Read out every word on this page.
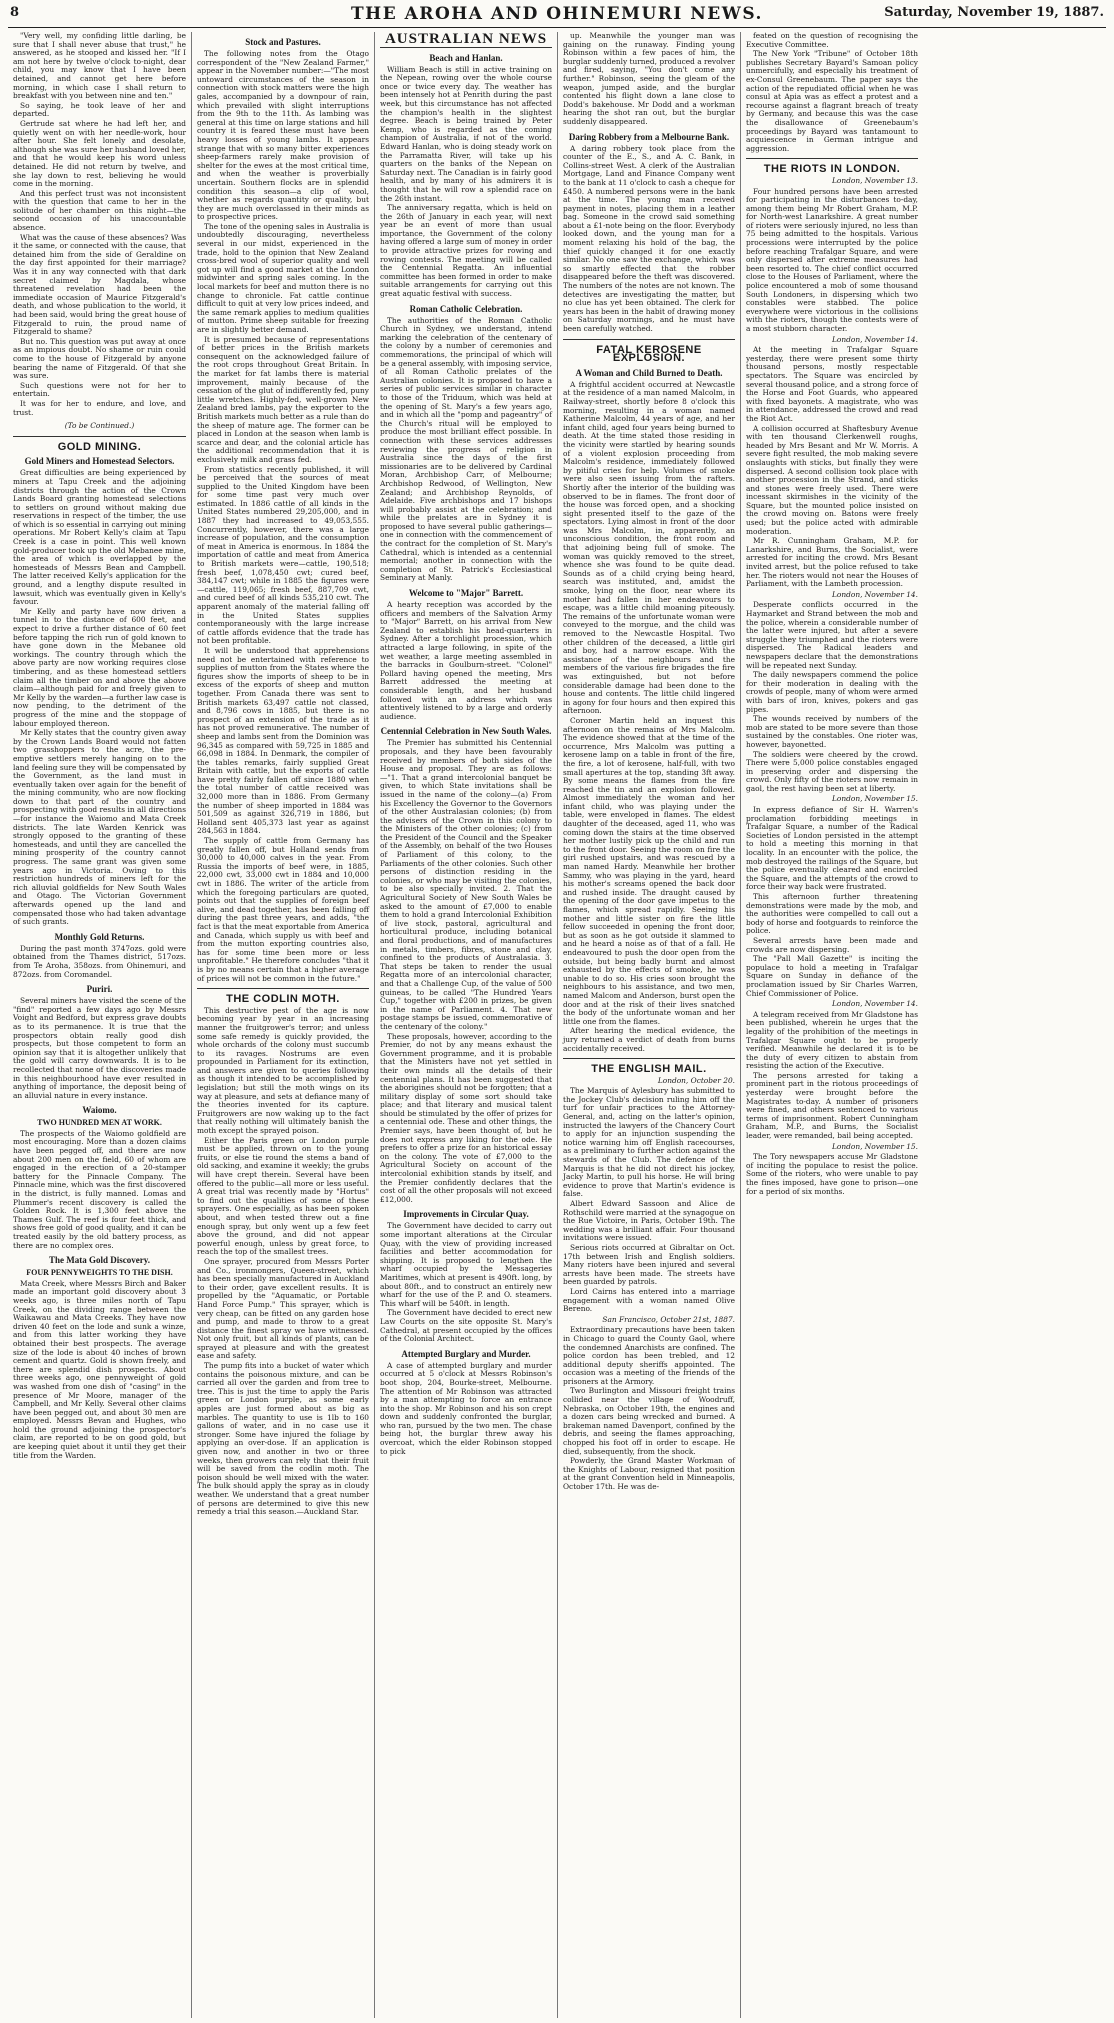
8	THE AROHA AND OHINEMURI NEWS.	Saturday, November 19, 1887.

"Very well, my confiding little darling, be sure that I shall never abuse that trust," he answered, as he stooped and kissed her. "If I am not here by twelve o'clock to-night, dear child, you may know that I have been detained, and cannot get here before morning, in which case I shall return to breakfast with you between nine and ten."

So saying, he took leave of her and departed.

Gertrude sat where he had left her, and quietly went on with her needle-work, hour after hour. She felt lonely and desolate, although she was sure her husband loved her, and that he would keep his word unless detained. He did not return by twelve, and she lay down to rest, believing he would come in the morning.

And this perfect trust was not inconsistent with the question that came to her in the solitude of her chamber on this night—the second occasion of his unaccountable absence.

What was the cause of these absences? Was it the same, or connected with the cause, that detained him from the side of Geraldine on the day first appointed for their marriage? Was it in any way connected with that dark secret claimed by Magdala, whose threatened revelation had been the immediate occasion of Maurice Fitzgerald's death, and whose publication to the world, it had been said, would bring the great house of Fitzgerald to ruin, the proud name of Fitzgerald to shame?

But no. This question was put away at once as an impious doubt. No shame or ruin could come to the house of Fitzgerald by anyone bearing the name of Fitzgerald. Of that she was sure.

Such questions were not for her to entertain.

It was for her to endure, and love, and trust.

(To be Continued.)
GOLD MINING.
Gold Miners and Homestead Selectors.

Great difficulties are being experienced by miners at Tapu Creek and the adjoining districts through the action of the Crown Lands Board granting homestead selections to settlers on ground without making due reservations in respect of the timber, the use of which is so essential in carrying out mining operations. Mr Robert Kelly's claim at Tapu Creek is a case in point. This well known gold-producer took up the old Mebanee mine, the area of which is overlapped by the homesteads of Messrs Bean and Campbell. The latter received Kelly's application for the ground, and a lengthy dispute resulted in lawsuit, which was eventually given in Kelly's favour.

Mr Kelly and party have now driven a tunnel in to the distance of 600 feet, and expect to drive a further distance of 60 feet before tapping the rich run of gold known to have gone down in the Mebanee old workings. The country through which the above party are now working requires close timbering, and as these homestead settlers claim all the timber on and above the above claim—although paid for and freely given to Mr Kelly by the warden—a further law case is now pending, to the detriment of the progress of the mine and the stoppage of labour employed thereon.

Mr Kelly states that the country given away by the Crown Lands Board would not fatten two grasshoppers to the acre, the pre-emptive settlers merely hanging on to the land feeling sure they will be compensated by the Government, as the land must in eventually taken over again for the benefit of the mining community, who are now flocking down to that part of the country and prospecting with good results in all directions—for instance the Waiomo and Mata Creek districts. The late Warden Kenrick was strongly opposed to the granting of these homesteads, and until they are cancelled the mining prosperity of the country cannot progress. The same grant was given some years ago in Victoria. Owing to this restriction hundreds of miners left for the rich alluvial goldfields for New South Wales and Otago. The Victorian Government afterwards opened up the land and compensated those who had taken advantage of such grants.

Monthly Gold Returns.

During the past month 3747ozs. gold were obtained from the Thames district, 517ozs. from Te Aroha, 358ozs. from Ohinemuri, and 872ozs. from Coromandel.

Puriri.

Several miners have visited the scene of the "find" reported a few days ago by Messrs Voight and Bedford, but express grave doubts as to its permanence. It is true that the prospectors obtain really good dish prospects, but those competent to form an opinion say that it is altogether unlikely that the gold will carry downwards. It is to be recollected that none of the discoveries made in this neighbourhood have ever resulted in anything of importance, the deposit being of an alluvial nature in every instance.

Waiomo.
TWO HUNDRED MEN AT WORK.

The prospects of the Waiomo goldfield are most encouraging. More than a dozen claims have been pegged off, and there are now about 200 men on the field, 60 of whom are engaged in the erection of a 20-stamper battery for the Pinnacle Company. The Pinnacle mine, which was the first discovered in the district, is fully manned. Lomas and Plummer's recent discovery is called the Golden Rock. It is 1,300 feet above the Thames Gulf. The reef is four feet thick, and shows free gold of good quality, and it can be treated easily by the old battery process, as there are no complex ores.

The Mata Gold Discovery.
FOUR PENNYWEIGHTS TO THE DISH.

Mata Creek, where Messrs Birch and Baker made an important gold discovery about 3 weeks ago, is three miles north of Tapu Creek, on the dividing range between the Waikawau and Mata Creeks. They have now driven 40 feet on the lode and sunk a winze, and from this latter working they have obtained their best prospects. The average size of the lode is about 40 inches of brown cement and quartz. Gold is shown freely, and there are splendid dish prospects. About three weeks ago, one pennyweight of gold was washed from one dish of "casing" in the presence of Mr Moore, manager of the Campbell, and Mr Kelly. Several other claims have been pegged out, and about 30 men are employed. Messrs Bevan and Hughes, who hold the ground adjoining the prospector's claim, are reported to be on good gold, but are keeping quiet about it until they get their title from the Warden.

Stock and Pastures.

The following notes from the Otago correspondent of the "New Zealand Farmer," appear in the November number:—"The most untoward circumstances of the season in connection with stock matters were the high gales, accompanied by a downpour of rain, which prevailed with slight interruptions from the 9th to the 11th. As lambing was general at this time on large stations and hill country it is feared these must have been heavy losses of young lambs. It appears strange that with so many bitter experiences sheep-farmers rarely make provision of shelter for the ewes at the most critical time, and when the weather is proverbially uncertain. Southern flocks are in splendid condition this season—a clip of wool, whether as regards quantity or quality, but they are much overclassed in their minds as to prospective prices.

The tone of the opening sales in Australia is undoubtedly discouraging, nevertheless several in our midst, experienced in the trade, hold to the opinion that New Zealand cross-bred wool of superior quality and well got up will find a good market at the London midwinter and spring sales coming. In the local markets for beef and mutton there is no change to chronicle. Fat cattle continue difficult to quit at very low prices indeed, and the same remark applies to medium qualities of mutton. Prime sheep suitable for freezing are in slightly better demand.

It is presumed because of representations of better prices in the British markets consequent on the acknowledged failure of the root crops throughout Great Britain. In the market for fat lambs there is material improvement, mainly because of the cessation of the glut of indifferently fed, puny little wretches. Highly-fed, well-grown New Zealand bred lambs, pay the exporter to the British markets much better as a rule than do the sheep of mature age. The former can be placed in London at the season when lamb is scarce and dear, and the colonial article has the additional recommendation that it is exclusively milk and grass fed.

From statistics recently published, it will be perceived that the sources of meat supplied to the United Kingdom have been for some time past very much over estimated. In 1886 cattle of all kinds in the United States numbered 29,205,000, and in 1887 they had increased to 49,053,555. Concurrently, however, there was a large increase of population, and the consumption of meat in America is enormous. In 1884 the importation of cattle and meat from America to British markets were—cattle, 190,518; fresh beef, 1,078,450 cwt; cured beef, 384,147 cwt; while in 1885 the figures were—cattle, 119,065; fresh beef, 887,709 cwt, and cured beef of all kinds 535,210 cwt. The apparent anomaly of the material falling off in the United States supplies contemporaneously with the large increase of cattle affords evidence that the trade has not been profitable.

It will be understood that apprehensions need not be entertained with reference to supplies of mutton from the States where the figures show the imports of sheep to be in excess of the exports of sheep and mutton together. From Canada there was sent to British markets 63,497 cattle not classed, and 8,796 cows in 1885, but there is no prospect of an extension of the trade as it has not proved remunerative. The number of sheep and lambs sent from the Dominion was 96,345 as compared with 59,725 in 1885 and 66,098 in 1884. In Denmark, the compiler of the tables remarks, fairly supplied Great Britain with cattle, but the exports of cattle have pretty fairly fallen off since 1880 when the total number of cattle received was 32,000 more than in 1886. From Germany the number of sheep imported in 1884 was 501,509 as against 326,719 in 1886, but Holland sent 405,373 last year as against 284,563 in 1884.

The supply of cattle from Germany has greatly fallen off, but Holland sends from 30,000 to 40,000 calves in the year. From Russia the imports of beef were, in 1885, 22,000 cwt, 33,000 cwt in 1884 and 10,000 cwt in 1886. The writer of the article from which the foregoing particulars are quoted, points out that the supplies of foreign beef alive, and dead together, has been falling off during the past three years, and adds, "the fact is that the meat exportable from America and Canada, which supply us with beef and from the mutton exporting countries also, has for some time been more or less unprofitable." He therefore concludes "that it is by no means certain that a higher average of prices will not be common in the future."

THE CODLIN MOTH.

This destructive pest of the age is now becoming year by year in an increasing manner the fruitgrower's terror; and unless some safe remedy is quickly provided, the whole orchards of the colony must succumb to its ravages. Nostrums are even propounded in Parliament for its extinction, and answers are given to queries following as though it intended to be accomplished by legislation; but still the moth wings on its way at pleasure, and sets at defiance many of the theories invented for its capture. Fruitgrowers are now waking up to the fact that really nothing will ultimately banish the moth except the sprayed poison.

Either the Paris green or London purple must be applied, thrown on to the young fruits, or else tie round the stems a band of old sacking, and examine it weekly; the grubs will have crept therein. Several have been offered to the public—all more or less useful. A great trial was recently made by "Hortus" to find out the qualities of some of these sprayers. One especially, as has been spoken about, and when tested threw out a fine enough spray, but only went up a few feet above the ground, and did not appear powerful enough, unless by great force, to reach the top of the smallest trees.

One sprayer, procured from Messrs Porter and Co., ironmongers, Queen-street, which has been specially manufactured in Auckland to their order, gave excellent results. It is propelled by the "Aquamatic, or Portable Hand Force Pump." This sprayer, which is very cheap, can be fitted on any garden hose and pump, and made to throw to a great distance the finest spray we have witnessed. Not only fruit, but all kinds of plants, can be sprayed at pleasure and with the greatest ease and safety.

The pump fits into a bucket of water which contains the poisonous mixture, and can be carried all over the garden and from tree to tree. This is just the time to apply the Paris green or London purple, as some early apples are just formed about as big as marbles. The quantity to use is 1lb to 160 gallons of water, and in no case use it stronger. Some have injured the foliage by applying an over-dose. If an application is given now, and another in two or three weeks, then growers can rely that their fruit will be saved from the codlin moth. The poison should be well mixed with the water. The bulk should apply the spray as in cloudy weather. We understand that a great number of persons are determined to give this new remedy a trial this season.—Auckland Star.

AUSTRALIAN NEWS
Beach and Hanlan.

William Beach is still in active training on the Nepean, rowing over the whole course once or twice every day. The weather has been intensely hot at Penrith during the past week, but this circumstance has not affected the champion's health in the slightest degree. Beach is being trained by Peter Kemp, who is regarded as the coming champion of Australia, if not of the world. Edward Hanlan, who is doing steady work on the Parramatta River, will take up his quarters on the banks of the Nepean on Saturday next. The Canadian is in fairly good health, and by many of his admirers it is thought that he will row a splendid race on the 26th instant.

The anniversary regatta, which is held on the 26th of January in each year, will next year be an event of more than usual importance, the Government of the colony having offered a large sum of money in order to provide attractive prizes for rowing and rowing contests. The meeting will be called the Centennial Regatta. An influential committee has been formed in order to make suitable arrangements for carrying out this great aquatic festival with success.

Roman Catholic Celebration.

The authorities of the Roman Catholic Church in Sydney, we understand, intend marking the celebration of the centenary of the colony by a number of ceremonies and commemorations, the principal of which will be a general assembly, with imposing service, of all Roman Catholic prelates of the Australian colonies. It is proposed to have a series of public services similar in character to those of the Triduum, which was held at the opening of St. Mary's a few years ago, and in which all the "pomp and pageantry" of the Church's ritual will be employed to produce the most brilliant effect possible. In connection with these services addresses reviewing the progress of religion in Australia since the days of the first missionaries are to be delivered by Cardinal Moran, Archbishop Carr, of Melbourne; Archbishop Redwood, of Wellington, New Zealand; and Archbishop Reynolds, of Adelaide. Five archbishops and 17 bishops will probably assist at the celebration; and while the prelates are in Sydney it is proposed to have several public gatherings—one in connection with the commencement of the contract for the completion of St. Mary's Cathedral, which is intended as a centennial memorial; another in connection with the completion of St. Patrick's Ecclesiastical Seminary at Manly.

Welcome to "Major" Barrett.

A hearty reception was accorded by the officers and members of the Salvation Army to "Major" Barrett, on his arrival from New Zealand to establish his head-quarters in Sydney. After a torchlight procession, which attracted a large following, in spite of the wet weather, a large meeting assembled in the barracks in Goulburn-street. "Colonel" Pollard having opened the meeting, Mrs Barrett addressed the meeting at considerable length, and her husband followed with an address which was attentively listened to by a large and orderly audience.

Centennial Celebration in New South Wales.

The Premier has submitted his Centennial proposals, and they have been favourably received by members of both sides of the House and proposal. They are as follows:—"1. That a grand intercolonial banquet be given, to which State invitations shall be issued in the name of the colony—(a) From his Excellency the Governor to the Governors of the other Australasian colonies; (b) from the advisers of the Crown in this colony to the Ministers of the other colonies; (c) from the President of the Council and the Speaker of the Assembly, on behalf of the two Houses of Parliament of this colony, to the Parliaments of the other colonies. Such other persons of distinction residing in the colonies, or who may be visiting the colonies, to be also specially invited. 2. That the Agricultural Society of New South Wales be asked to the amount of £7,000 to enable them to hold a grand Intercolonial Exhibition of live stock, pastoral, agricultural and horticultural produce, including botanical and floral productions, and of manufactures in metals, timbers, fibres, stone and clay, confined to the products of Australasia. 3. That steps be taken to render the usual Regatta more of an intercolonial character, and that a Challenge Cup, of the value of 500 guineas, to be called "The Hundred Years Cup," together with £200 in prizes, be given in the name of Parliament. 4. That new postage stamps be issued, commemorative of the centenary of the colony."

These proposals, however, according to the Premier, do not by any means exhaust the Government programme, and it is probable that the Ministers have not yet settled in their own minds all the details of their centennial plans. It has been suggested that the aborigines should not be forgotten; that a military display of some sort should take place; and that literary and musical talent should be stimulated by the offer of prizes for a centennial ode. These and other things, the Premier says, have been thought of, but he does not express any liking for the ode. He prefers to offer a prize for an historical essay on the colony. The vote of £7,000 to the Agricultural Society on account of the intercolonial exhibition stands by itself, and the Premier confidently declares that the cost of all the other proposals will not exceed £12,000.

Improvements in Circular Quay.

The Government have decided to carry out some important alterations at the Circular Quay, with the view of providing increased facilities and better accommodation for shipping. It is proposed to lengthen the wharf occupied by the Messageries Maritimes, which at present is 490ft. long, by about 80ft., and to construct an entirely new wharf for the use of the P. and O. steamers. This wharf will be 540ft. in length.

The Government have decided to erect new Law Courts on the site opposite St. Mary's Cathedral, at present occupied by the offices of the Colonial Architect.

Attempted Burglary and Murder.

A case of attempted burglary and murder occurred at 5 o'clock at Messrs Robinson's boot shop, 204, Bourke-street, Melbourne. The attention of Mr Robinson was attracted by a man attempting to force an entrance into the shop. Mr Robinson and his son crept down and suddenly confronted the burglar, who ran, pursued by the two men. The chase being hot, the burglar threw away his overcoat, which the elder Robinson stopped to pick

up. Meanwhile the younger man was gaining on the runaway. Finding young Robinson within a few paces of him, the burglar suddenly turned, produced a revolver and fired, saying, "You don't come any further." Robinson, seeing the gleam of the weapon, jumped aside, and the burglar contented his flight down a lane close to Dodd's bakehouse. Mr Dodd and a workman hearing the shot ran out, but the burglar suddenly disappeared.

Daring Robbery from a Melbourne Bank.

A daring robbery took place from the counter of the E., S., and A. C. Bank, in Collins-street West. A clerk of the Australian Mortgage, Land and Finance Company went to the bank at 11 o'clock to cash a cheque for £450. A numbered persons were in the bank at the time. The young man received payment in notes, placing them in a leather bag. Someone in the crowd said something about a £1-note being on the floor. Everybody looked down, and the young man for a moment relaxing his hold of the bag, the thief quickly changed it for one exactly similar. No one saw the exchange, which was so smartly effected that the robber disappeared before the theft was discovered. The numbers of the notes are not known. The detectives are investigating the matter, but no clue has yet been obtained. The clerk for years has been in the habit of drawing money on Saturday mornings, and he must have been carefully watched.

FATAL KEROSENE EXPLOSION.
A Woman and Child Burned to Death.

A frightful accident occurred at Newcastle at the residence of a man named Malcolm, in Railway-street, shortly before 8 o'clock this morning, resulting in a woman named Katherine Malcolm, 44 years of age, and her infant child, aged four years being burned to death. At the time stated those residing in the vicinity were startled by hearing sounds of a violent explosion proceeding from Malcolm's residence, immediately followed by pitiful cries for help. Volumes of smoke were also seen issuing from the rafters. Shortly after the interior of the building was observed to be in flames. The front door of the house was forced open, and a shocking sight presented itself to the gaze of the spectators. Lying almost in front of the door was Mrs Malcolm, in, apparently, an unconscious condition, the front room and that adjoining being full of smoke. The woman was quickly removed to the street, whence she was found to be quite dead. Sounds as of a child crying being heard, search was instituted, and, amidst the smoke, lying on the floor, near where its mother had fallen in her endeavours to escape, was a little child moaning piteously. The remains of the unfortunate woman were conveyed to the morgue, and the child was removed to the Newcastle Hospital. Two other children of the deceased, a little girl and boy, had a narrow escape. With the assistance of the neighbours and the members of the various fire brigades the fire was extinguished, but not before considerable damage had been done to the house and contents. The little child lingered in agony for four hours and then expired this afternoon.

Coroner Martin held an inquest this afternoon on the remains of Mrs Malcolm. The evidence showed that at the time of the occurrence, Mrs Malcolm was putting a kerosene lamp on a table in front of the fire, the fire, a lot of kerosene, half-full, with two small apertures at the top, standing 3ft away. By some means the flames from the fire reached the tin and an explosion followed. Almost immediately the woman and her infant child, who was playing under the table, were enveloped in flames. The eldest daughter of the deceased, aged 11, who was coming down the stairs at the time observed her mother lustily pick up the child and run to the front door. Seeing the room on fire the girl rushed upstairs, and was rescued by a man named Hardy. Meanwhile her brother Sammy, who was playing in the yard, heard his mother's screams opened the back door and rushed inside. The draught caused by the opening of the door gave impetus to the flames, which spread rapidly. Seeing his mother and little sister on fire the little fellow succeeded in opening the front door, but as soon as he got outside it slammed to and he heard a noise as of that of a fall. He endeavoured to push the door open from the outside, but being badly burnt and almost exhausted by the effects of smoke, he was unable to do so. His cries soon brought the neighbours to his assistance, and two men, named Malcom and Anderson, burst open the door and at the risk of their lives snatched the body of the unfortunate woman and her little one from the flames.

After hearing the medical evidence, the jury returned a verdict of death from burns accidentally received.

THE ENGLISH MAIL.
London, October 20.

The Marquis of Aylesbury has submitted to the Jockey Club's decision ruling him off the turf for unfair practices to the Attorney-General, and, acting on the latter's opinion, instructed the lawyers of the Chancery Court to apply for an injunction suspending the notice warning him off English racecourses, as a preliminary to further action against the stewards of the Club. The defence of the Marquis is that he did not direct his jockey, Jacky Martin, to pull his horse. He will bring evidence to prove that Martin's evidence is false.

Albert Edward Sassoon and Alice de Rothschild were married at the synagogue on the Rue Victoire, in Paris, October 19th. The wedding was a brilliant affair. Four thousand invitations were issued.

Serious riots occurred at Gibraltar on Oct. 17th between Irish and English soldiers. Many rioters have been injured and several arrests have been made. The streets have been guarded by patrols.

Lord Cairns has entered into a marriage engagement with a woman named Olive Bereno.

San Francisco, October 21st, 1887.

Extraordinary precautions have been taken in Chicago to guard the County Gaol, where the condemned Anarchists are confined. The police cordon has been trebled, and 12 additional deputy sheriffs appointed. The occasion was a meeting of the friends of the prisoners at the Armory.

Two Burlington and Missouri freight trains collided near the village of Woodruff, Nebraska, on October 19th, the engines and a dozen cars being wrecked and burned. A brakeman named Davenport, confined by the debris, and seeing the flames approaching, chopped his foot off in order to escape. He died, subsequently, from the shock.

Powderly, the Grand Master Workman of the Knights of Labour, resigned that position at the grant Convention held in Minneapolis, October 17th. He was de-

feated on the question of recognising the Executive Committee.

The New York "Tribune" of October 18th publishes Secretary Bayard's Samoan policy unmercifully, and especially his treatment of ex-Consul Greenebaum. The paper says the action of the repudiated official when he was consul at Apia was as effect a protest and a recourse against a flagrant breach of treaty by Germany, and because this was the case the disallowance of Greenebaum's proceedings by Bayard was tantamount to acquiescence in German intrigue and aggression.

THE RIOTS IN LONDON.
London, November 13.

Four hundred persons have been arrested for participating in the disturbances to-day, among them being Mr Robert Graham, M.P. for North-west Lanarkshire. A great number of rioters were seriously injured, no less than 75 being admitted to the hospitals. Various processions were interrupted by the police before reaching Trafalgar Square, and were only dispersed after extreme measures had been resorted to. The chief conflict occurred close to the Houses of Parliament, where the police encountered a mob of some thousand South Londoners, in dispersing which two constables were stabbed. The police everywhere were victorious in the collisions with the rioters, though the contests were of a most stubborn character.

London, November 14.

At the meeting in Trafalgar Square yesterday, there were present some thirty thousand persons, mostly respectable spectators. The Square was encircled by several thousand police, and a strong force of the Horse and Foot Guards, who appeared with fixed bayonets. A magistrate, who was in attendance, addressed the crowd and read the Riot Act.

A collision occurred at Shaftesbury Avenue with ten thousand Clerkenwell roughs, headed by Mrs Besant and Mr W. Morris. A severe fight resulted, the mob making severe onslaughts with sticks, but finally they were dispersed. A second collision took place with another procession in the Strand, and sticks and stones were freely used. There were incessant skirmishes in the vicinity of the Square, but the mounted police insisted on the crowd moving on. Batons were freely used; but the police acted with admirable moderation.

Mr R. Cunningham Graham, M.P. for Lanarkshire, and Burns, the Socialist, were arrested for inciting the crowd. Mrs Besant invited arrest, but the police refused to take her. The rioters would not near the Houses of Parliament, with the Lambeth procession.

London, November 14.

Desperate conflicts occurred in the Haymarket and Strand between the mob and the police, wherein a considerable number of the latter were injured, but after a severe struggle they triumphed and the rioters were dispersed. The Radical leaders and newspapers declare that the demonstrations will be repeated next Sunday.

The daily newspapers commend the police for their moderation in dealing with the crowds of people, many of whom were armed with bars of iron, knives, pokers and gas pipes.

The wounds received by numbers of the mob are stated to be more severe than those sustained by the constables. One rioter was, however, bayonetted.

The soldiers were cheered by the crowd. There were 5,000 police constables engaged in preserving order and dispersing the crowd. Only fifty of the rioters now remain in gaol, the rest having been set at liberty.

London, November 15.

In express defiance of Sir H. Warren's proclamation forbidding meetings in Trafalgar Square, a number of the Radical Societies of London persisted in the attempt to hold a meeting this morning in that locality. In an encounter with the police, the mob destroyed the railings of the Square, but the police eventually cleared and encircled the Square, and the attempts of the crowd to force their way back were frustrated.

This afternoon further threatening demonstrations were made by the mob, and the authorities were compelled to call out a body of horse and footguards to reinforce the police.

Several arrests have been made and crowds are now dispersing.

The "Pall Mall Gazette" is inciting the populace to hold a meeting in Trafalgar Square on Sunday in defiance of the proclamation issued by Sir Charles Warren, Chief Commissioner of Police.

London, November 14.

A telegram received from Mr Gladstone has been published, wherein he urges that the legality of the prohibition of the meetings in Trafalgar Square ought to be properly verified. Meanwhile he declared it is to be the duty of every citizen to abstain from resisting the action of the Executive.

The persons arrested for taking a prominent part in the riotous proceedings of yesterday were brought before the Magistrates to-day. A number of prisoners were fined, and others sentenced to various terms of imprisonment. Robert Cunningham Graham, M.P., and Burns, the Socialist leader, were remanded, bail being accepted.

London, November 15.

The Tory newspapers accuse Mr Gladstone of inciting the populace to resist the police. Some of the rioters, who were unable to pay the fines imposed, have gone to prison—one for a period of six months.
